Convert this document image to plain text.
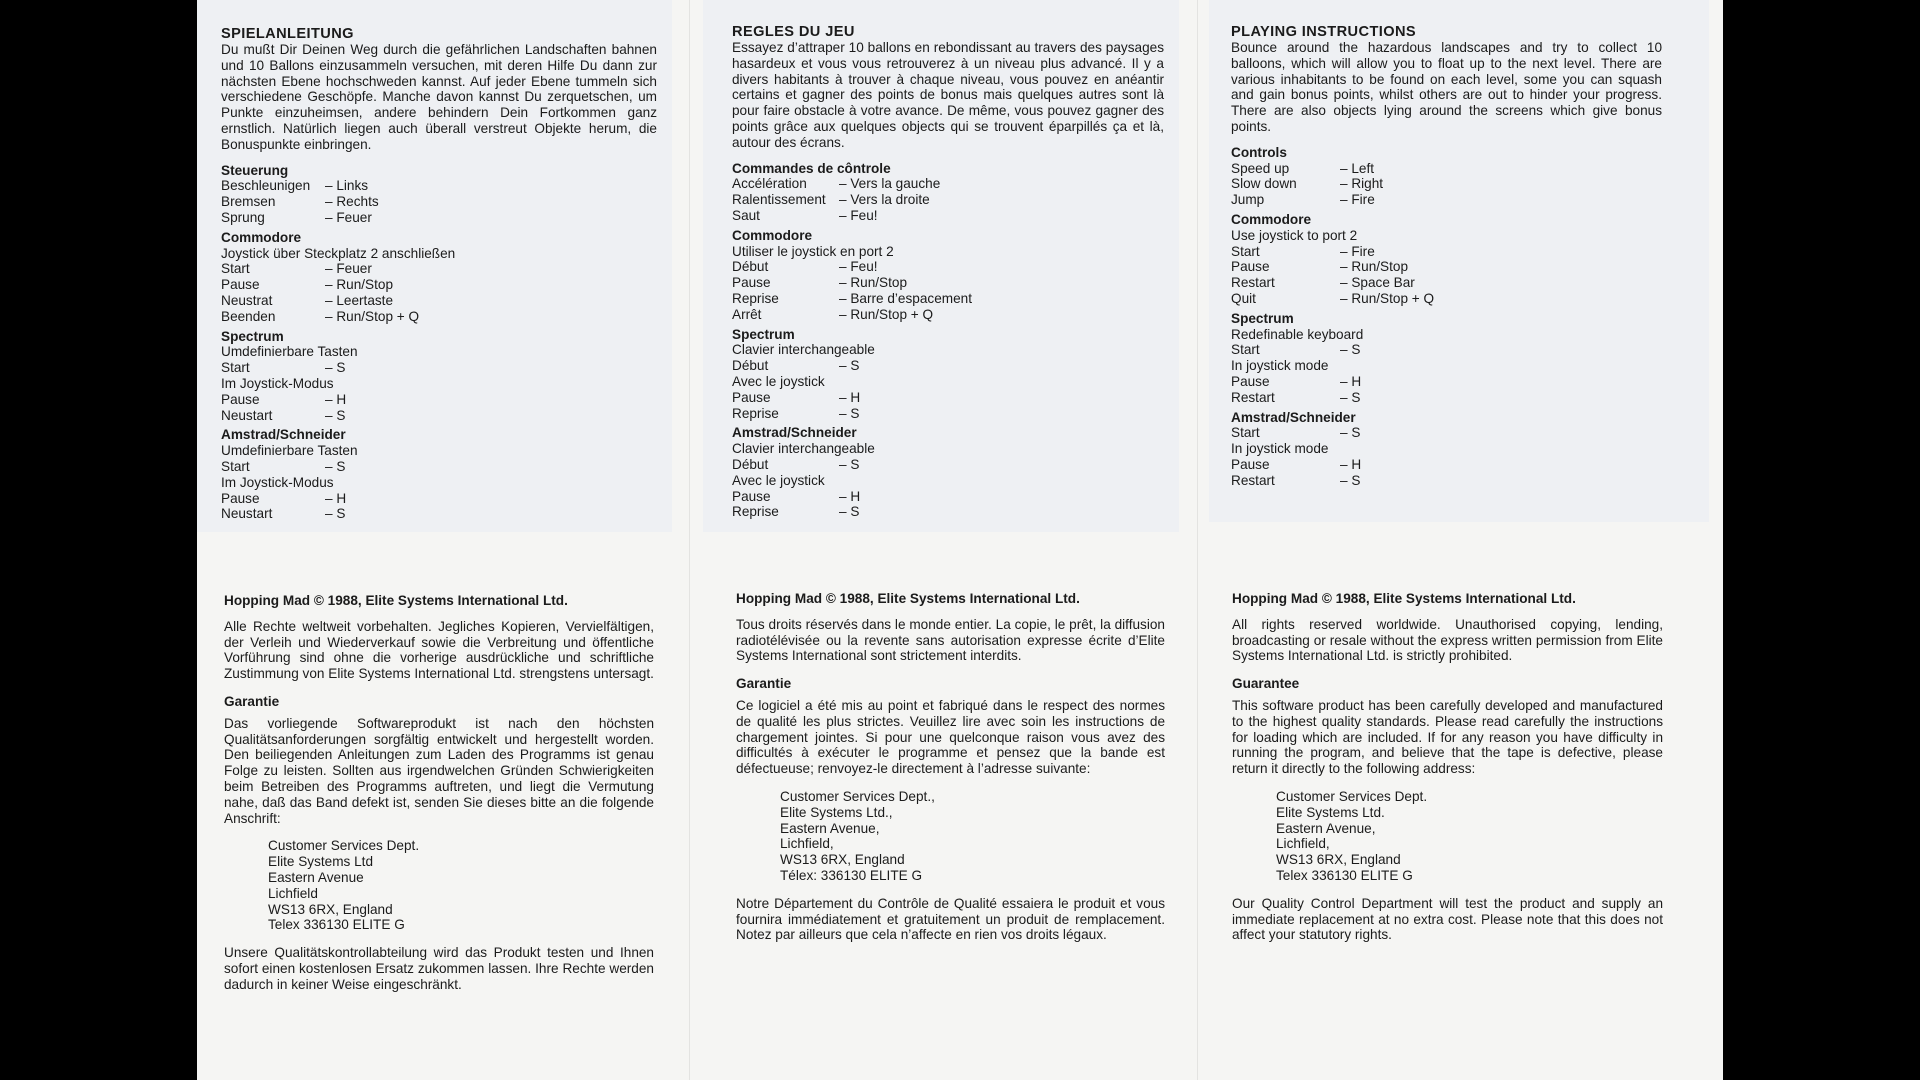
SPIELANLEITUNG

Du mußt Dir Deinen Weg durch die gefährlichen Landschaften bahnen und 10 Ballons einzusammeln versuchen, mit deren Hilfe Du dann zur nächsten Ebene hochschweden kannst. Auf jeder Ebene tummeln sich verschiedene Geschöpfe. Manche davon kannst Du zerquetschen, um Punkte einzuheimsen, andere behindern Dein Fortkommen ganz ernstlich. Natürlich liegen auch überall verstreut Objekte herum, die Bonuspunkte einbringen.

Steuerung
Beschleunigen	– Links
Bremsen	– Rechts
Sprung	– Feuer
Commodore
Joystick über Steckplatz 2 anschließen
Start	– Feuer
Pause	– Run/Stop
Neustrat	– Leertaste
Beenden	– Run/Stop + Q
Spectrum
Umdefinierbare Tasten
Start	– S
Im Joystick-Modus
Pause	– H
Neustart	– S
Amstrad/Schneider
Umdefinierbare Tasten
Start	– S
Im Joystick-Modus
Pause	– H
Neustart	– S
REGLES DU JEU

Essayez d’attraper 10 ballons en rebondissant au travers des paysages hasardeux et vous vous retrouverez à un niveau plus advancé. Il y a divers habitants à trouver à chaque niveau, vous pouvez en anéantir certains et gagner des points de bonus mais quelques autres sont là pour faire obstacle à votre avance. De même, vous pouvez gagner des points grâce aux quelques objects qui se trouvent éparpillés ça et là, autour des écrans.

Commandes de côntrole
Accélération	– Vers la gauche
Ralentissement – Vers la droite
Saut	– Feu!
Commodore
Utiliser le joystick en port 2
Début	– Feu!
Pause	– Run/Stop
Reprise	– Barre d’espacement
Arrêt	– Run/Stop + Q
Spectrum
Clavier interchangeable
Début	– S
Avec le joystick
Pause	– H
Reprise	– S
Amstrad/Schneider
Clavier interchangeable
Début	– S
Avec le joystick
Pause	– H
Reprise	– S
PLAYING INSTRUCTIONS

Bounce around the hazardous landscapes and try to collect 10 balloons, which will allow you to float up to the next level. There are various inhabitants to be found on each level, some you can squash and gain bonus points, whilst others are out to hinder your progress. There are also objects lying around the screens which give bonus points.

Controls
Speed up	– Left
Slow down	– Right
Jump	– Fire
Commodore
Use joystick to port 2
Start	– Fire
Pause	– Run/Stop
Restart	– Space Bar
Quit	– Run/Stop + Q
Spectrum
Redefinable keyboard
Start	– S
In joystick mode
Pause	– H
Restart	– S
Amstrad/Schneider
Start	– S
In joystick mode
Pause	– H
Restart	– S
Hopping Mad © 1988, Elite Systems International Ltd.

Alle Rechte weltweit vorbehalten. Jegliches Kopieren, Vervielfältigen, der Verleih und Wiederverkauf sowie die Verbreitung und öffentliche Vorführung sind ohne die vorherige ausdrückliche und schriftliche Zustimmung von Elite Systems International Ltd. strengstens untersagt.

Garantie

Das vorliegende Softwareprodukt ist nach den höchsten Qualitätsanforderungen sorgfältig entwickelt und hergestellt worden. Den beiliegenden Anleitungen zum Laden des Programms ist genau Folge zu leisten. Sollten aus irgendwelchen Gründen Schwierigkeiten beim Betreiben des Programms auftreten, und liegt die Vermutung nahe, daß das Band defekt ist, senden Sie dieses bitte an die folgende Anschrift:

Customer Services Dept.
Elite Systems Ltd
Eastern Avenue
Lichfield
WS13 6RX, England
Telex 336130 ELITE G

Unsere Qualitätskontrollabteilung wird das Produkt testen und Ihnen sofort einen kostenlosen Ersatz zukommen lassen. Ihre Rechte werden dadurch in keiner Weise eingeschränkt.

Hopping Mad © 1988, Elite Systems International Ltd.

Tous droits réservés dans le monde entier. La copie, le prêt, la diffusion radiotélévisée ou la revente sans autorisation expresse écrite d’Elite Systems International sont strictement interdits.

Garantie

Ce logiciel a été mis au point et fabriqué dans le respect des normes de qualité les plus strictes. Veuillez lire avec soin les instructions de chargement jointes. Si pour une quelconque raison vous avez des difficultés à exécuter le programme et pensez que la bande est défectueuse; renvoyez-le directement à l’adresse suivante:

Customer Services Dept.,
Elite Systems Ltd.,
Eastern Avenue,
Lichfield,
WS13 6RX, England
Télex: 336130 ELITE G

Notre Département du Contrôle de Qualité essaiera le produit et vous fournira immédiatement et gratuitement un produit de remplacement. Notez par ailleurs que cela n’affecte en rien vos droits légaux.

Hopping Mad © 1988, Elite Systems International Ltd.

All rights reserved worldwide. Unauthorised copying, lending, broadcasting or resale without the express written permission from Elite Systems International Ltd. is strictly prohibited.

Guarantee

This software product has been carefully developed and manufactured to the highest quality standards. Please read carefully the instructions for loading which are included. If for any reason you have difficulty in running the program, and believe that the tape is defective, please return it directly to the following address:

Customer Services Dept.
Elite Systems Ltd.
Eastern Avenue,
Lichfield,
WS13 6RX, England
Telex 336130 ELITE G

Our Quality Control Department will test the product and supply an immediate replacement at no extra cost. Please note that this does not affect your statutory rights.
